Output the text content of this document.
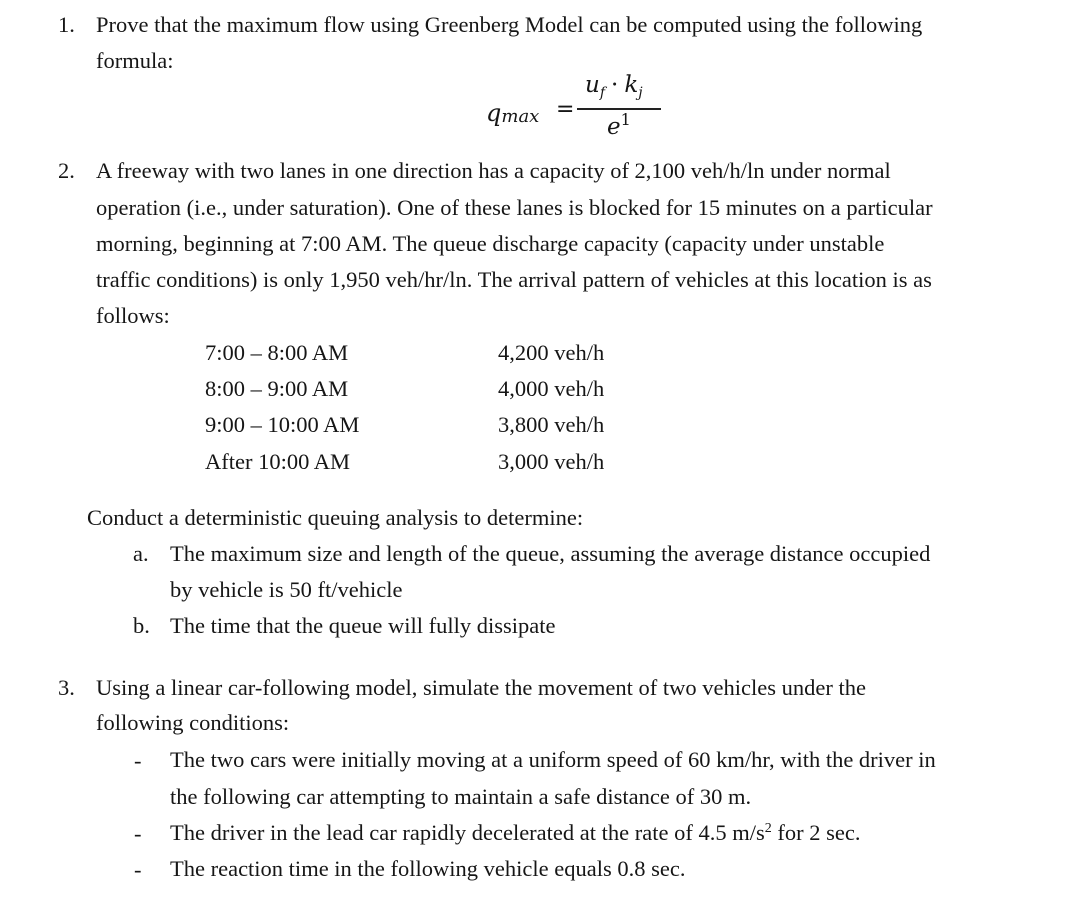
1. Prove that the maximum flow using Greenberg Model can be computed using the following
formula:
$q_{max}$ =
$u_f \cdot k_j$
$e^1$
2. A freeway with two lanes in one direction has a capacity of 2,100 veh/h/ln under normal
operation (i.e., under saturation). One of these lanes is blocked for 15 minutes on a particular
morning, beginning at 7:00 AM. The queue discharge capacity (capacity under unstable
traffic conditions) is only 1,950 veh/hr/ln. The arrival pattern of vehicles at this location is as
follows:
7:00 – 8:00 AM	4,200 veh/h
8:00 – 9:00 AM	4,000 veh/h
9:00 – 10:00 AM	3,800 veh/h
After 10:00 AM	3,000 veh/h
Conduct a deterministic queuing analysis to determine:
a. The maximum size and length of the queue, assuming the average distance occupied
by vehicle is 50 ft/vehicle
b. The time that the queue will fully dissipate
3. Using a linear car-following model, simulate the movement of two vehicles under the
following conditions:
- The two cars were initially moving at a uniform speed of 60 km/hr, with the driver in
the following car attempting to maintain a safe distance of 30 m.
- The driver in the lead car rapidly decelerated at the rate of 4.5 $m/s^2$ for 2 sec.
- The reaction time in the following vehicle equals 0.8 sec.
